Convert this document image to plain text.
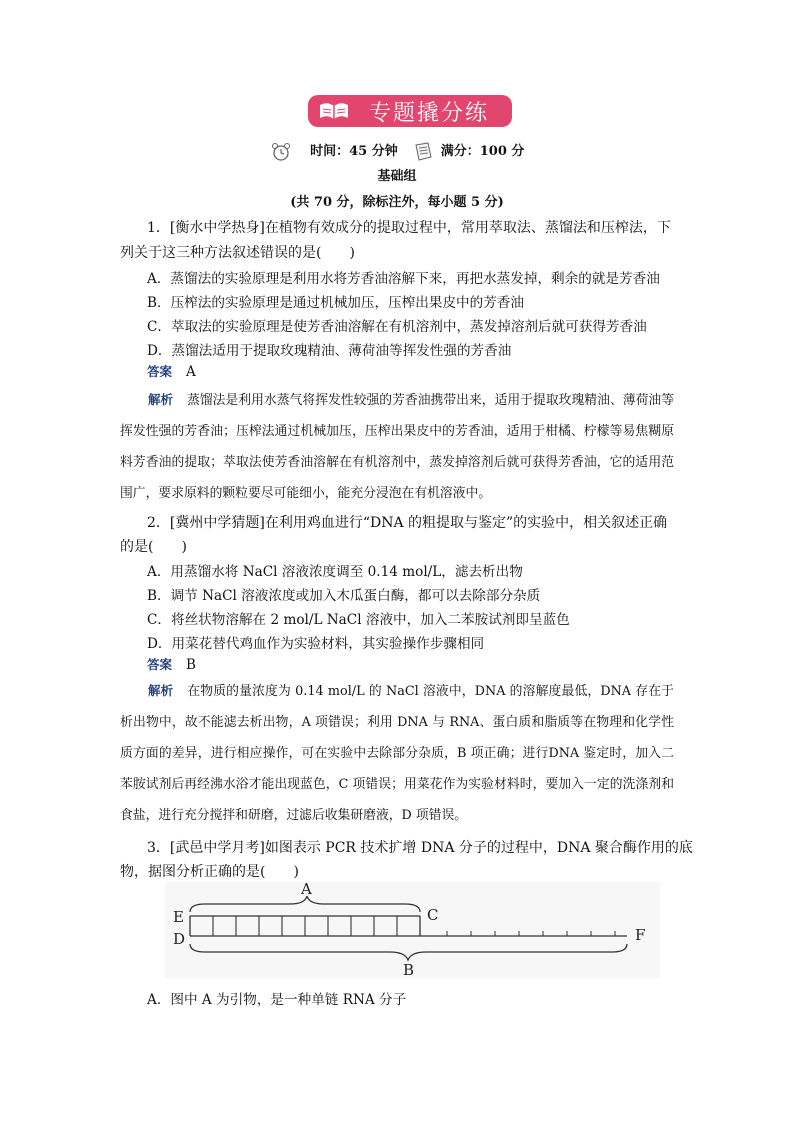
专题撬分练
时间：45 分钟	满分：100 分
基础组
(共 70 分，除标注外，每小题 5 分)
1．[衡水中学热身]在植物有效成分的提取过程中，常用萃取法、蒸馏法和压榨法，下
列关于这三种方法叙述错误的是(　　)
A．蒸馏法的实验原理是利用水将芳香油溶解下来，再把水蒸发掉，剩余的就是芳香油
B．压榨法的实验原理是通过机械加压，压榨出果皮中的芳香油
C．萃取法的实验原理是使芳香油溶解在有机溶剂中，蒸发掉溶剂后就可获得芳香油
D．蒸馏法适用于提取玫瑰精油、薄荷油等挥发性强的芳香油
答案 A
解析 蒸馏法是利用水蒸气将挥发性较强的芳香油携带出来，适用于提取玫瑰精油、薄荷油等挥发性强的芳香油；压榨法通过机械加压，压榨出果皮中的芳香油，适用于柑橘、柠檬等易焦糊原料芳香油的提取；萃取法使芳香油溶解在有机溶剂中，蒸发掉溶剂后就可获得芳香油，它的适用范围广，要求原料的颗粒要尽可能细小，能充分浸泡在有机溶液中。
2．[冀州中学猜题]在利用鸡血进行“DNA 的粗提取与鉴定”的实验中，相关叙述正确
的是(　　)
A．用蒸馏水将 NaCl 溶液浓度调至 0.14 mol/L，滤去析出物
B．调节 NaCl 溶液浓度或加入木瓜蛋白酶，都可以去除部分杂质
C．将丝状物溶解在 2 mol/L NaCl 溶液中，加入二苯胺试剂即呈蓝色
D．用菜花替代鸡血作为实验材料，其实验操作步骤相同
答案 B
解析 在物质的量浓度为 0.14 mol/L 的 NaCl 溶液中，DNA 的溶解度最低，DNA 存在于析出物中，故不能滤去析出物，A 项错误；利用 DNA 与 RNA、蛋白质和脂质等在物理和化学性质方面的差异，进行相应操作，可在实验中去除部分杂质，B 项正确；进行DNA 鉴定时，加入二苯胺试剂后再经沸水浴才能出现蓝色，C 项错误；用菜花作为实验材料时，要加入一定的洗涤剂和食盐，进行充分搅拌和研磨，过滤后收集研磨液，D 项错误。
3．[武邑中学月考]如图表示 PCR 技术扩增 DNA 分子的过程中，DNA 聚合酶作用的底
物，据图分析正确的是(　　)
A
B
E
D
C
F
A．图中 A 为引物，是一种单链 RNA 分子
